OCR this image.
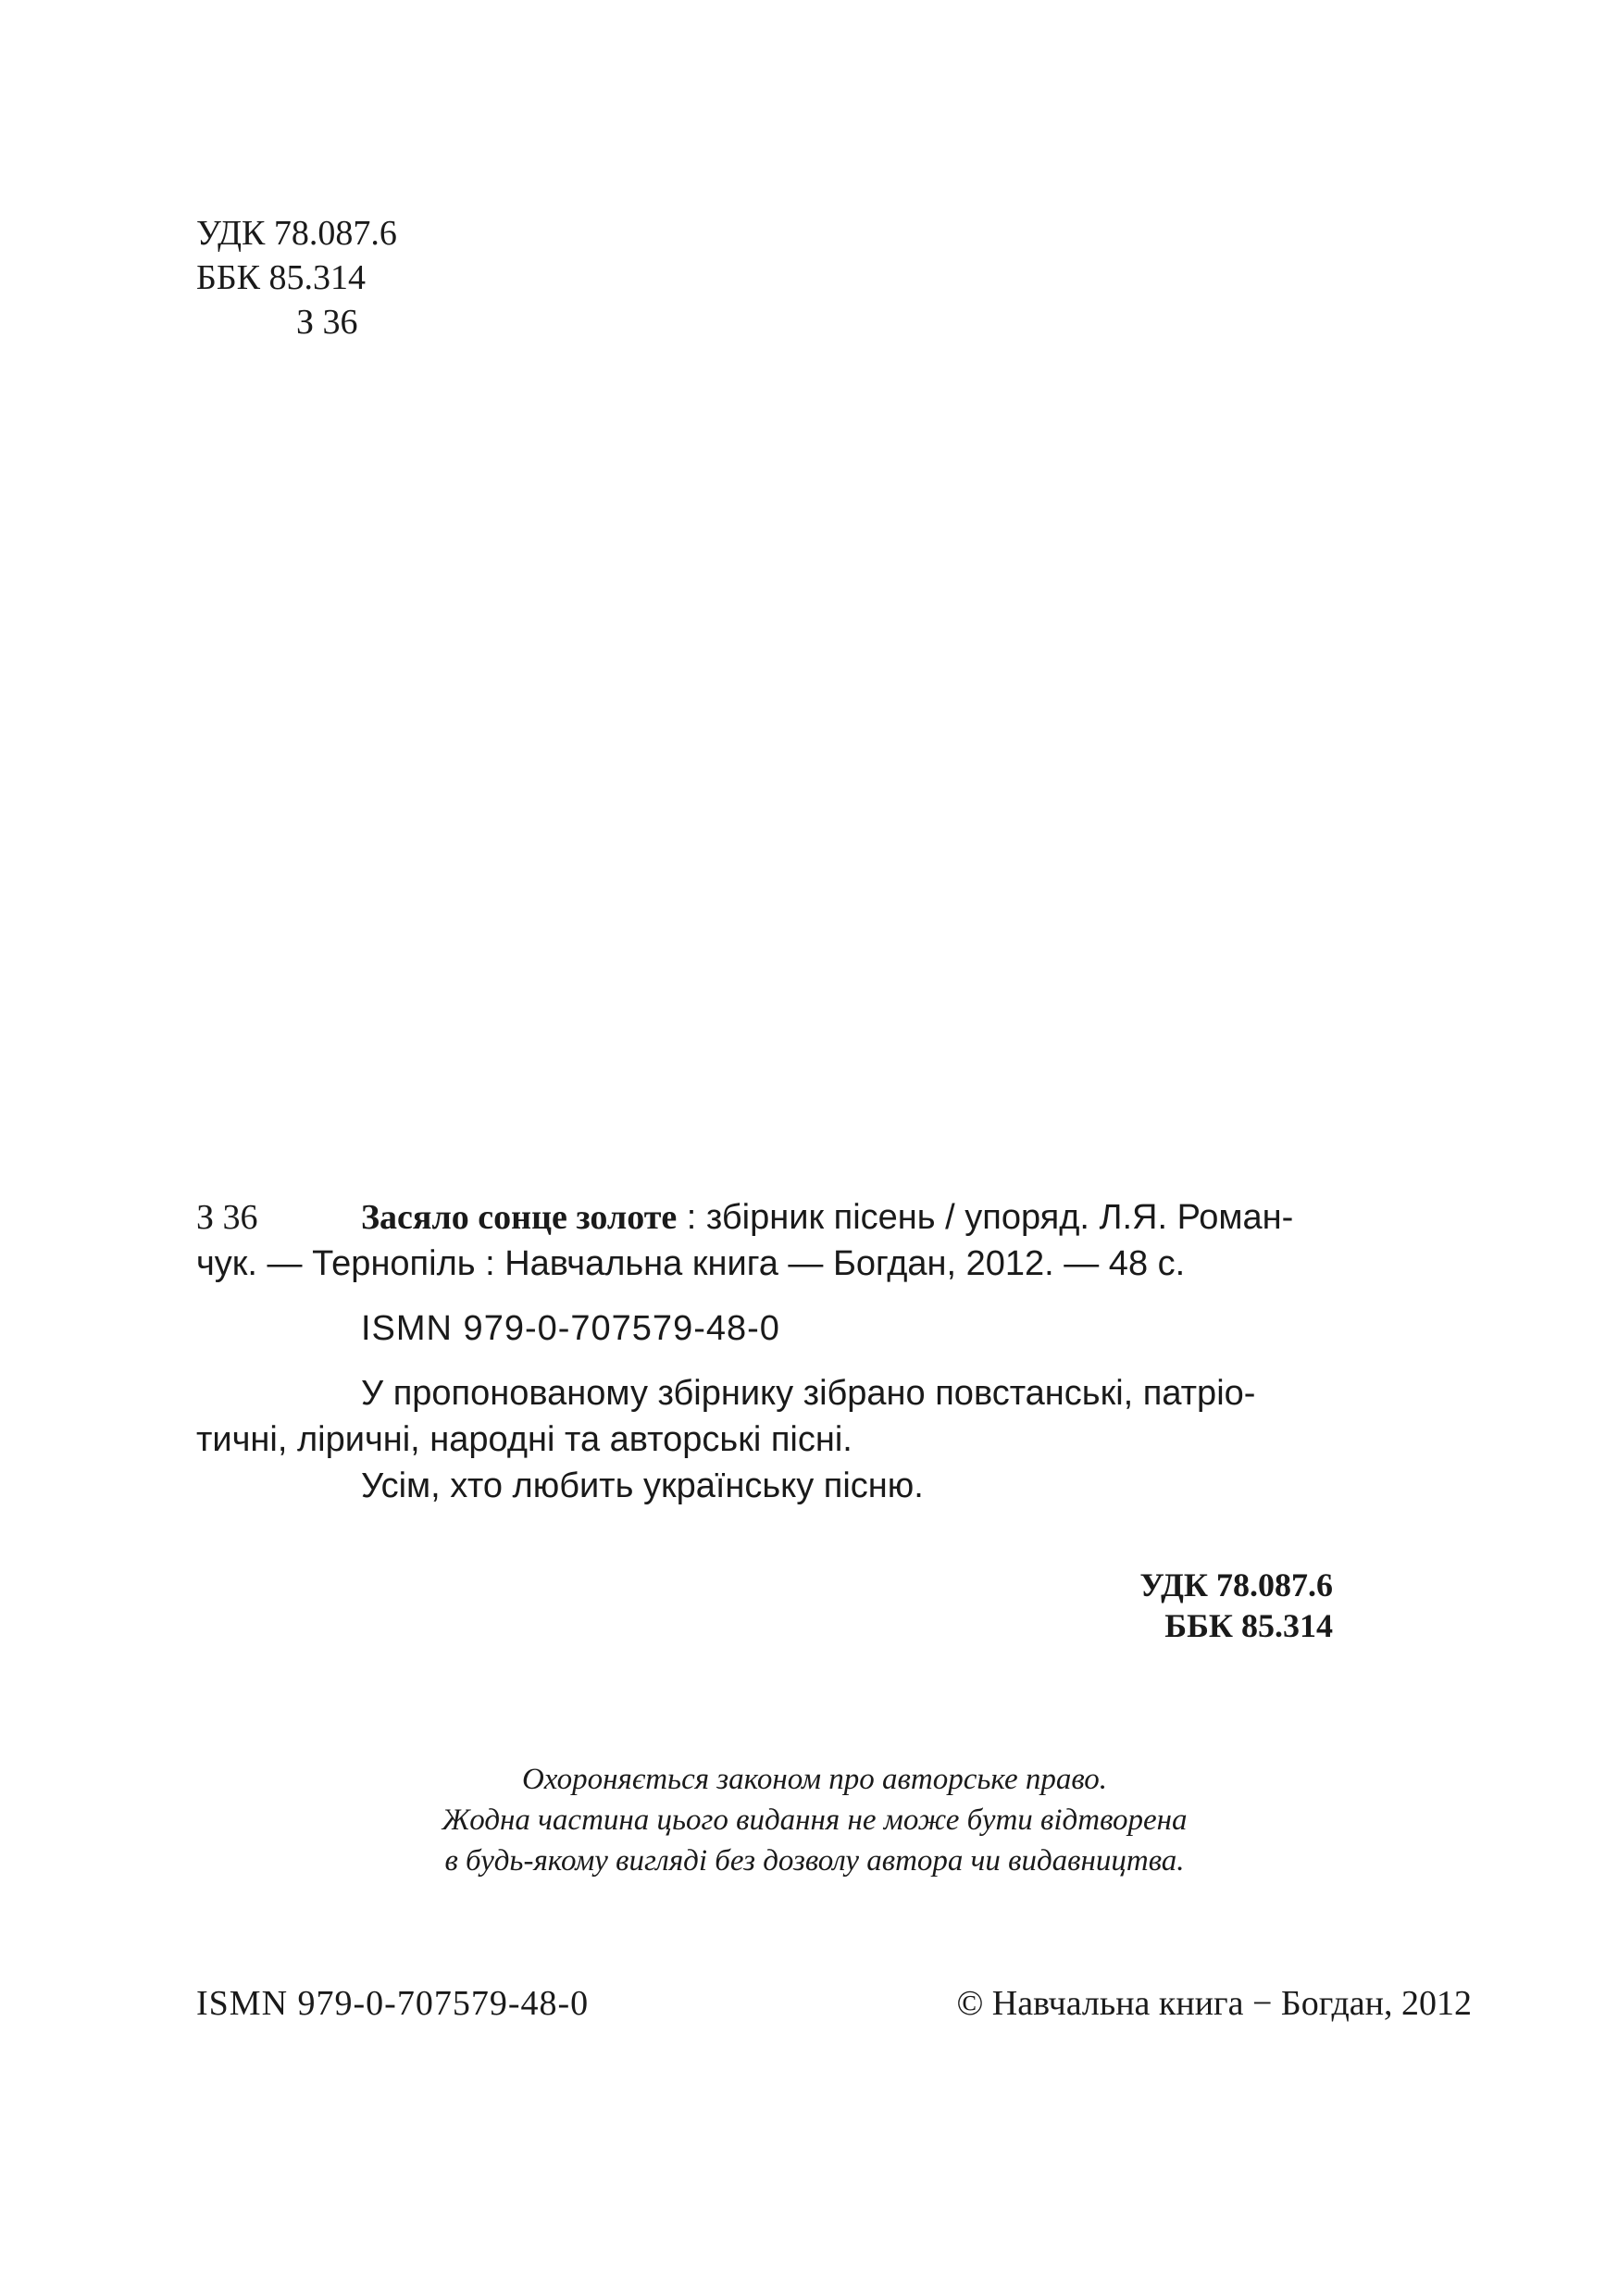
УДК 78.087.6
ББК 85.314
З 36
З 36	Засяло сонце золоте : збірник пісень / упоряд. Л.Я. Роман-
чук. — Тернопіль : Навчальна книга — Богдан, 2012. — 48 с.
ISMN 979-0-707579-48-0
У пропонованому збірнику зібрано повстанські, патріо-
тичні, ліричні, народні та авторські пісні.
Усім, хто любить українську пісню.
УДК 78.087.6
ББК 85.314
Охороняється законом про авторське право.
Жодна частина цього видання не може бути відтворена
в будь-якому вигляді без дозволу автора чи видавництва.
ISMN 979-0-707579-48-0	© Навчальна книга − Богдан, 2012
